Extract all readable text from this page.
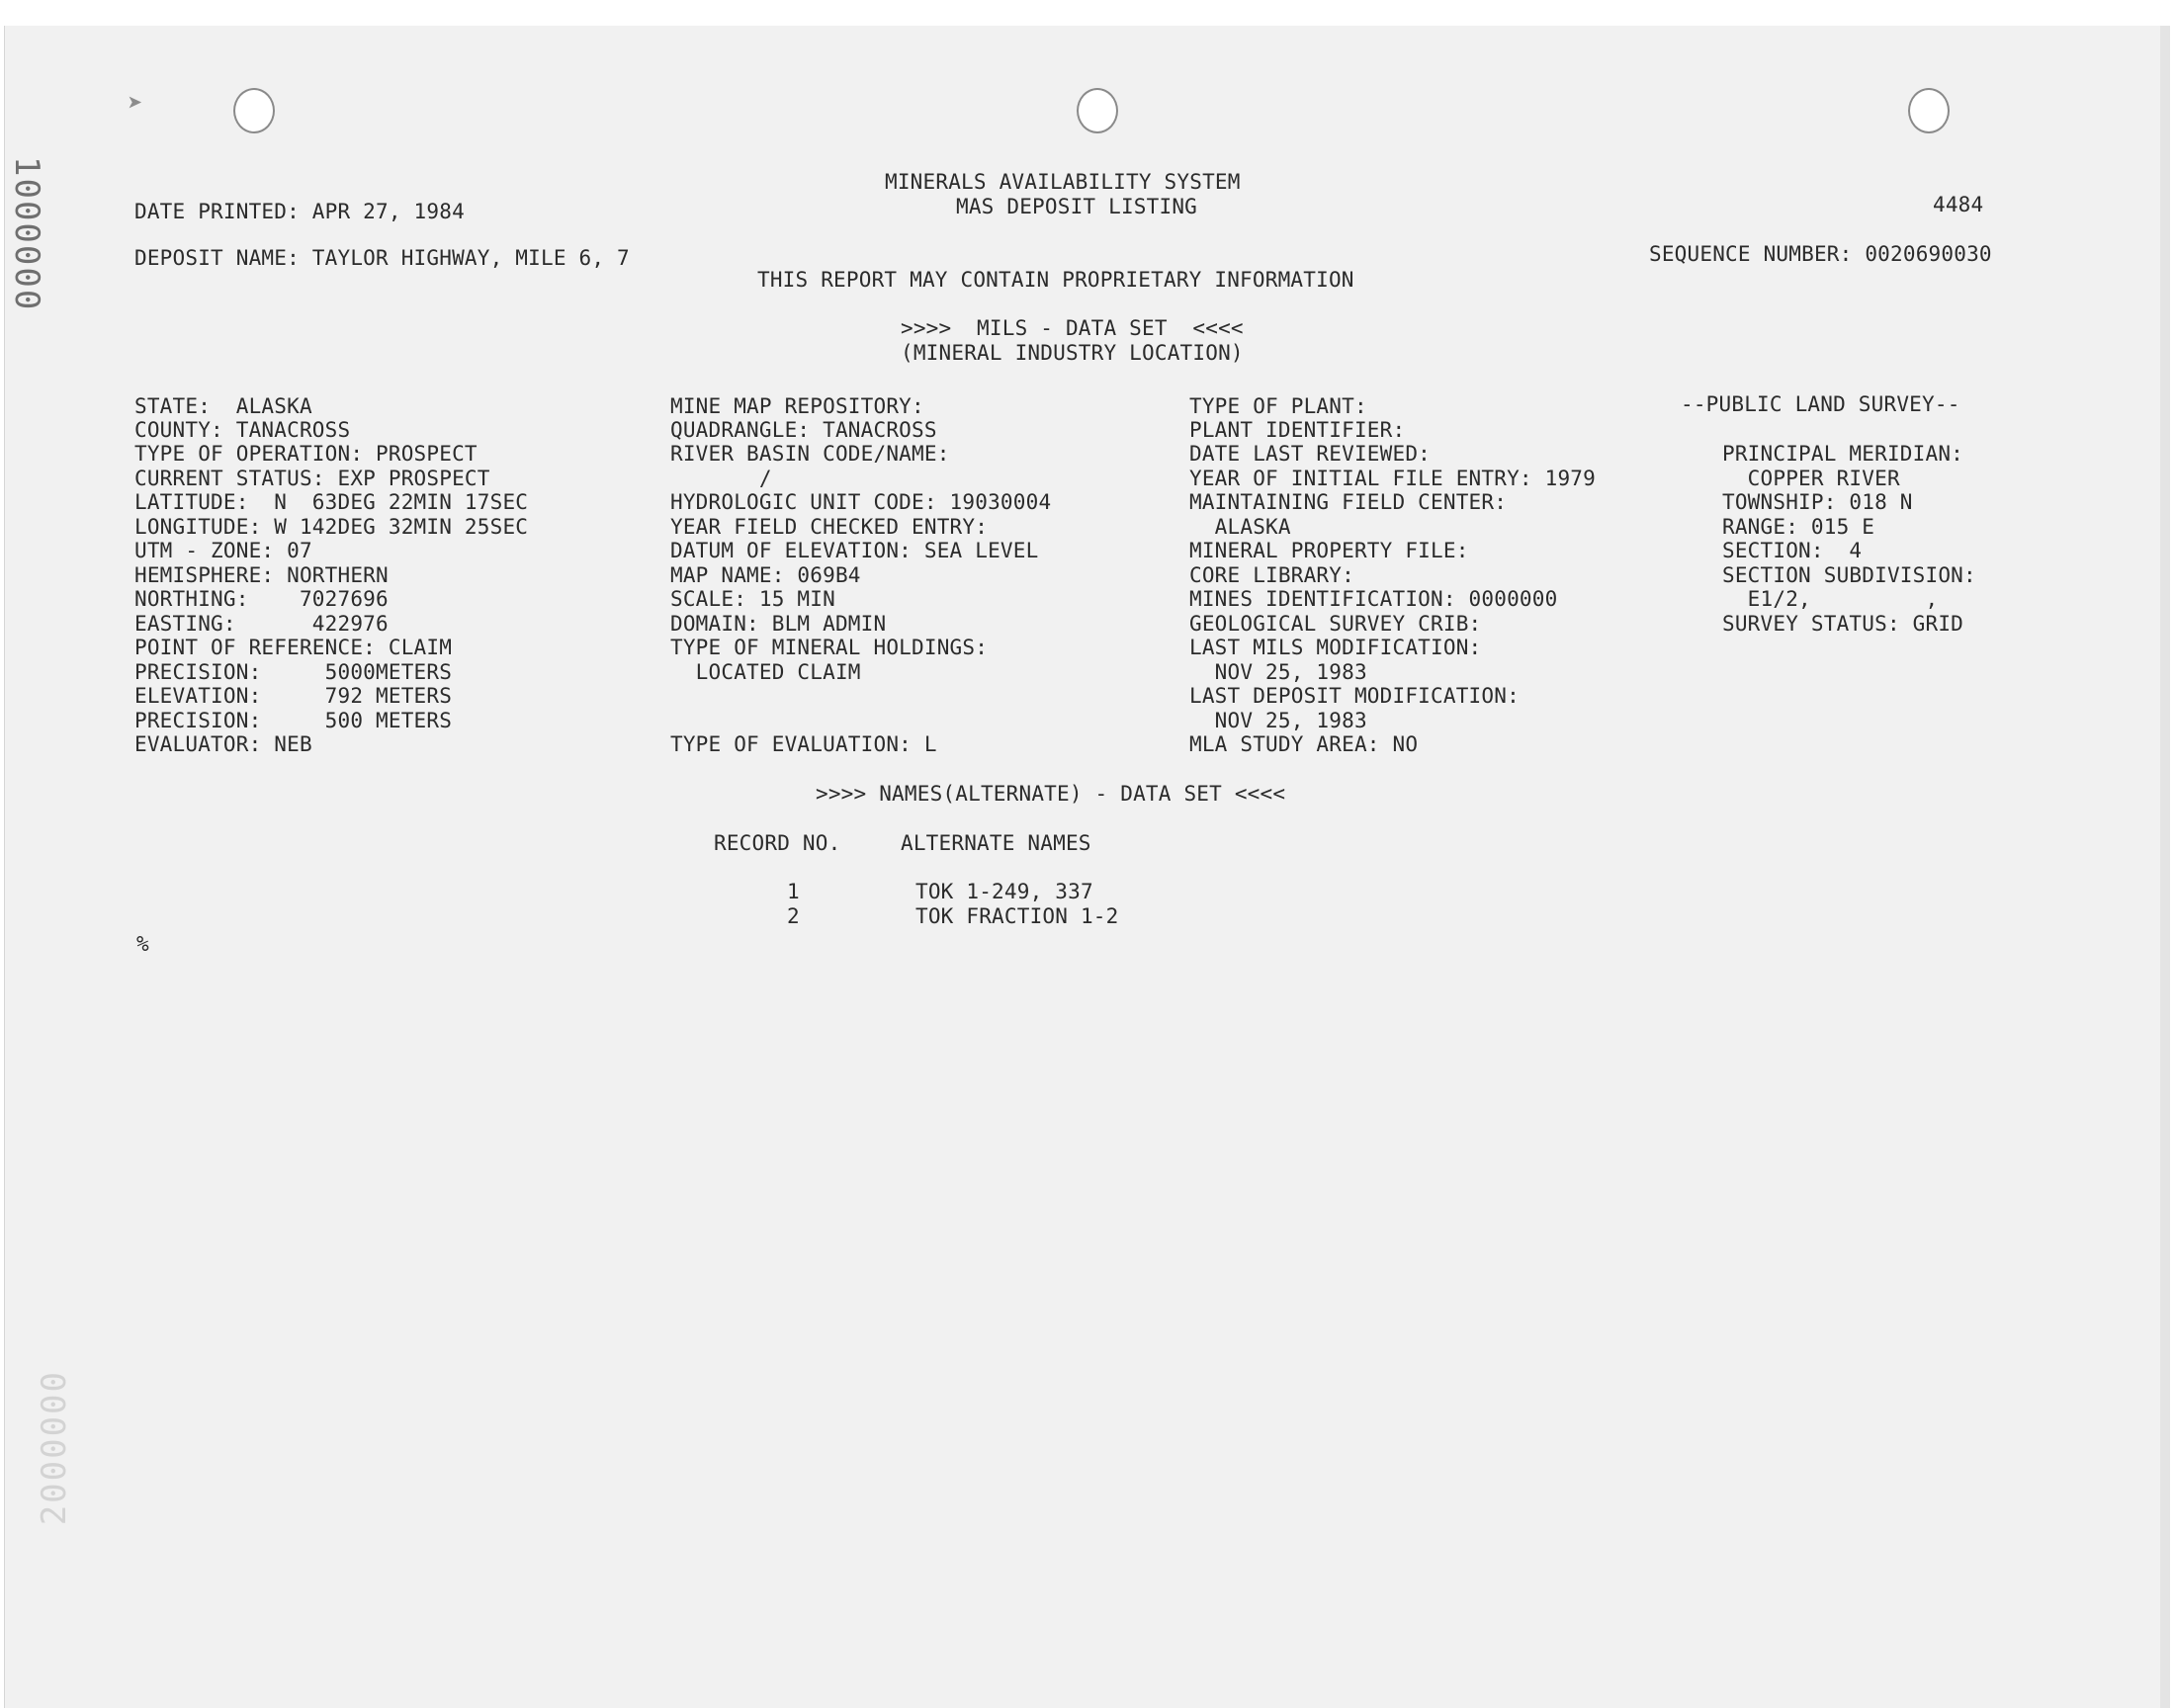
➤
1000000
2000000
MINERALS AVAILABILITY SYSTEM
MAS DEPOSIT LISTING
DATE PRINTED: APR 27, 1984	4484
DEPOSIT NAME: TAYLOR HIGHWAY, MILE 6, 7	SEQUENCE NUMBER: 0020690030
THIS REPORT MAY CONTAIN PROPRIETARY INFORMATION
>>>>  MILS - DATA SET  <<<<
(MINERAL INDUSTRY LOCATION)
STATE:  ALASKA
COUNTY: TANACROSS
TYPE OF OPERATION: PROSPECT
CURRENT STATUS: EXP PROSPECT
LATITUDE:  N  63DEG 22MIN 17SEC
LONGITUDE: W 142DEG 32MIN 25SEC
UTM - ZONE: 07
HEMISPHERE: NORTHERN
NORTHING:    7027696
EASTING:      422976
POINT OF REFERENCE: CLAIM
PRECISION:     5000METERS
ELEVATION:     792 METERS
PRECISION:     500 METERS
EVALUATOR: NEB
MINE MAP REPOSITORY:
QUADRANGLE: TANACROSS
RIVER BASIN CODE/NAME:
/
HYDROLOGIC UNIT CODE: 19030004
YEAR FIELD CHECKED ENTRY:
DATUM OF ELEVATION: SEA LEVEL
MAP NAME: 069B4
SCALE: 15 MIN
DOMAIN: BLM ADMIN
TYPE OF MINERAL HOLDINGS:
LOCATED CLAIM
TYPE OF EVALUATION: L
TYPE OF PLANT:
PLANT IDENTIFIER:
DATE LAST REVIEWED:
YEAR OF INITIAL FILE ENTRY: 1979
MAINTAINING FIELD CENTER:
ALASKA
MINERAL PROPERTY FILE:
CORE LIBRARY:
MINES IDENTIFICATION: 0000000
GEOLOGICAL SURVEY CRIB:
LAST MILS MODIFICATION:
NOV 25, 1983
LAST DEPOSIT MODIFICATION:
NOV 25, 1983
MLA STUDY AREA: NO
--PUBLIC LAND SURVEY--
PRINCIPAL MERIDIAN:
COPPER RIVER
TOWNSHIP: 018 N
RANGE: 015 E
SECTION:  4
SECTION SUBDIVISION:
E1/2,         ,
SURVEY STATUS: GRID
>>>> NAMES(ALTERNATE) - DATA SET <<<<
RECORD NO.	ALTERNATE NAMES
1	TOK 1-249, 337
2	TOK FRACTION 1-2
%
